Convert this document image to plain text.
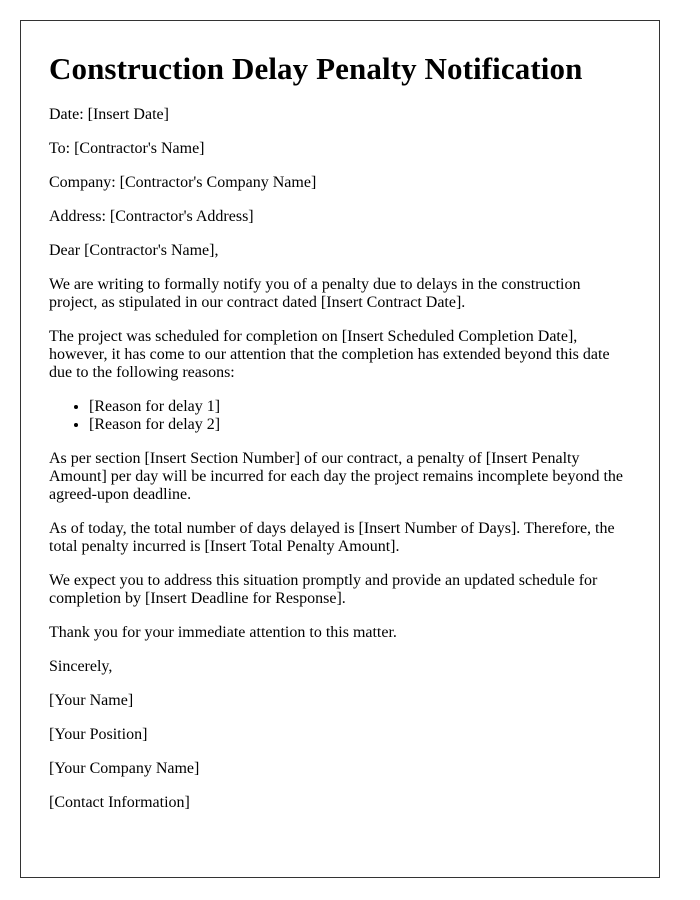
Construction Delay Penalty Notification

Date: [Insert Date]

To: [Contractor's Name]

Company: [Contractor's Company Name]

Address: [Contractor's Address]

Dear [Contractor's Name],

We are writing to formally notify you of a penalty due to delays in the construction project, as stipulated in our contract dated [Insert Contract Date].

The project was scheduled for completion on [Insert Scheduled Completion Date], however, it has come to our attention that the completion has extended beyond this date due to the following reasons:

• [Reason for delay 1]
• [Reason for delay 2]

As per section [Insert Section Number] of our contract, a penalty of [Insert Penalty Amount] per day will be incurred for each day the project remains incomplete beyond the agreed-upon deadline.

As of today, the total number of days delayed is [Insert Number of Days]. Therefore, the total penalty incurred is [Insert Total Penalty Amount].

We expect you to address this situation promptly and provide an updated schedule for completion by [Insert Deadline for Response].

Thank you for your immediate attention to this matter.

Sincerely,

[Your Name]

[Your Position]

[Your Company Name]

[Contact Information]
